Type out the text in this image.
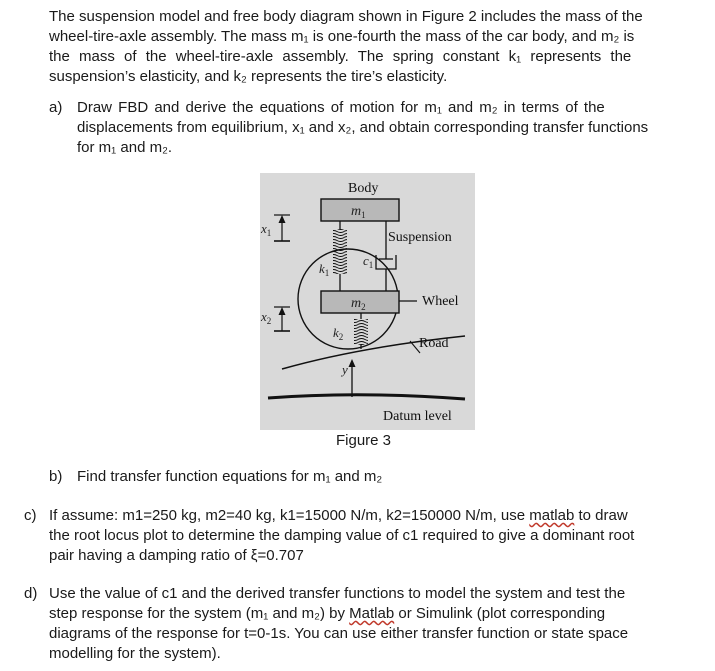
The suspension model and free body diagram shown in Figure 2 includes the mass of the
wheel-tire-axle assembly. The mass m₁ is one-fourth the mass of the car body, and m₂ is
the mass of the wheel-tire-axle assembly. The spring constant k₁ represents the
suspension’s elasticity, and k₂ represents the tire’s elasticity.
a) Draw FBD and derive the equations of motion for m₁ and m₂ in terms of the
displacements from equilibrium, x₁ and x₂, and obtain corresponding transfer functions
for m₁ and m₂.
Body
$m_1$
$x_1$
$k_1$
$c_1$
Suspension
$m_2$	Wheel
$x_2$
$k_2$	Road
y
Datum level
Figure 3
b) Find transfer function equations for m₁ and m₂
c) If assume: m1=250 kg, m2=40 kg, k1=15000 N/m, k2=150000 N/m, use matlab to draw
the root locus plot to determine the damping value of c1 required to give a dominant root
pair having a damping ratio of ξ=0.707
d) Use the value of c1 and the derived transfer functions to model the system and test the
step response for the system (m₁ and m₂) by Matlab or Simulink (plot corresponding
diagrams of the response for t=0-1s. You can use either transfer function or state space
modelling for the system).
